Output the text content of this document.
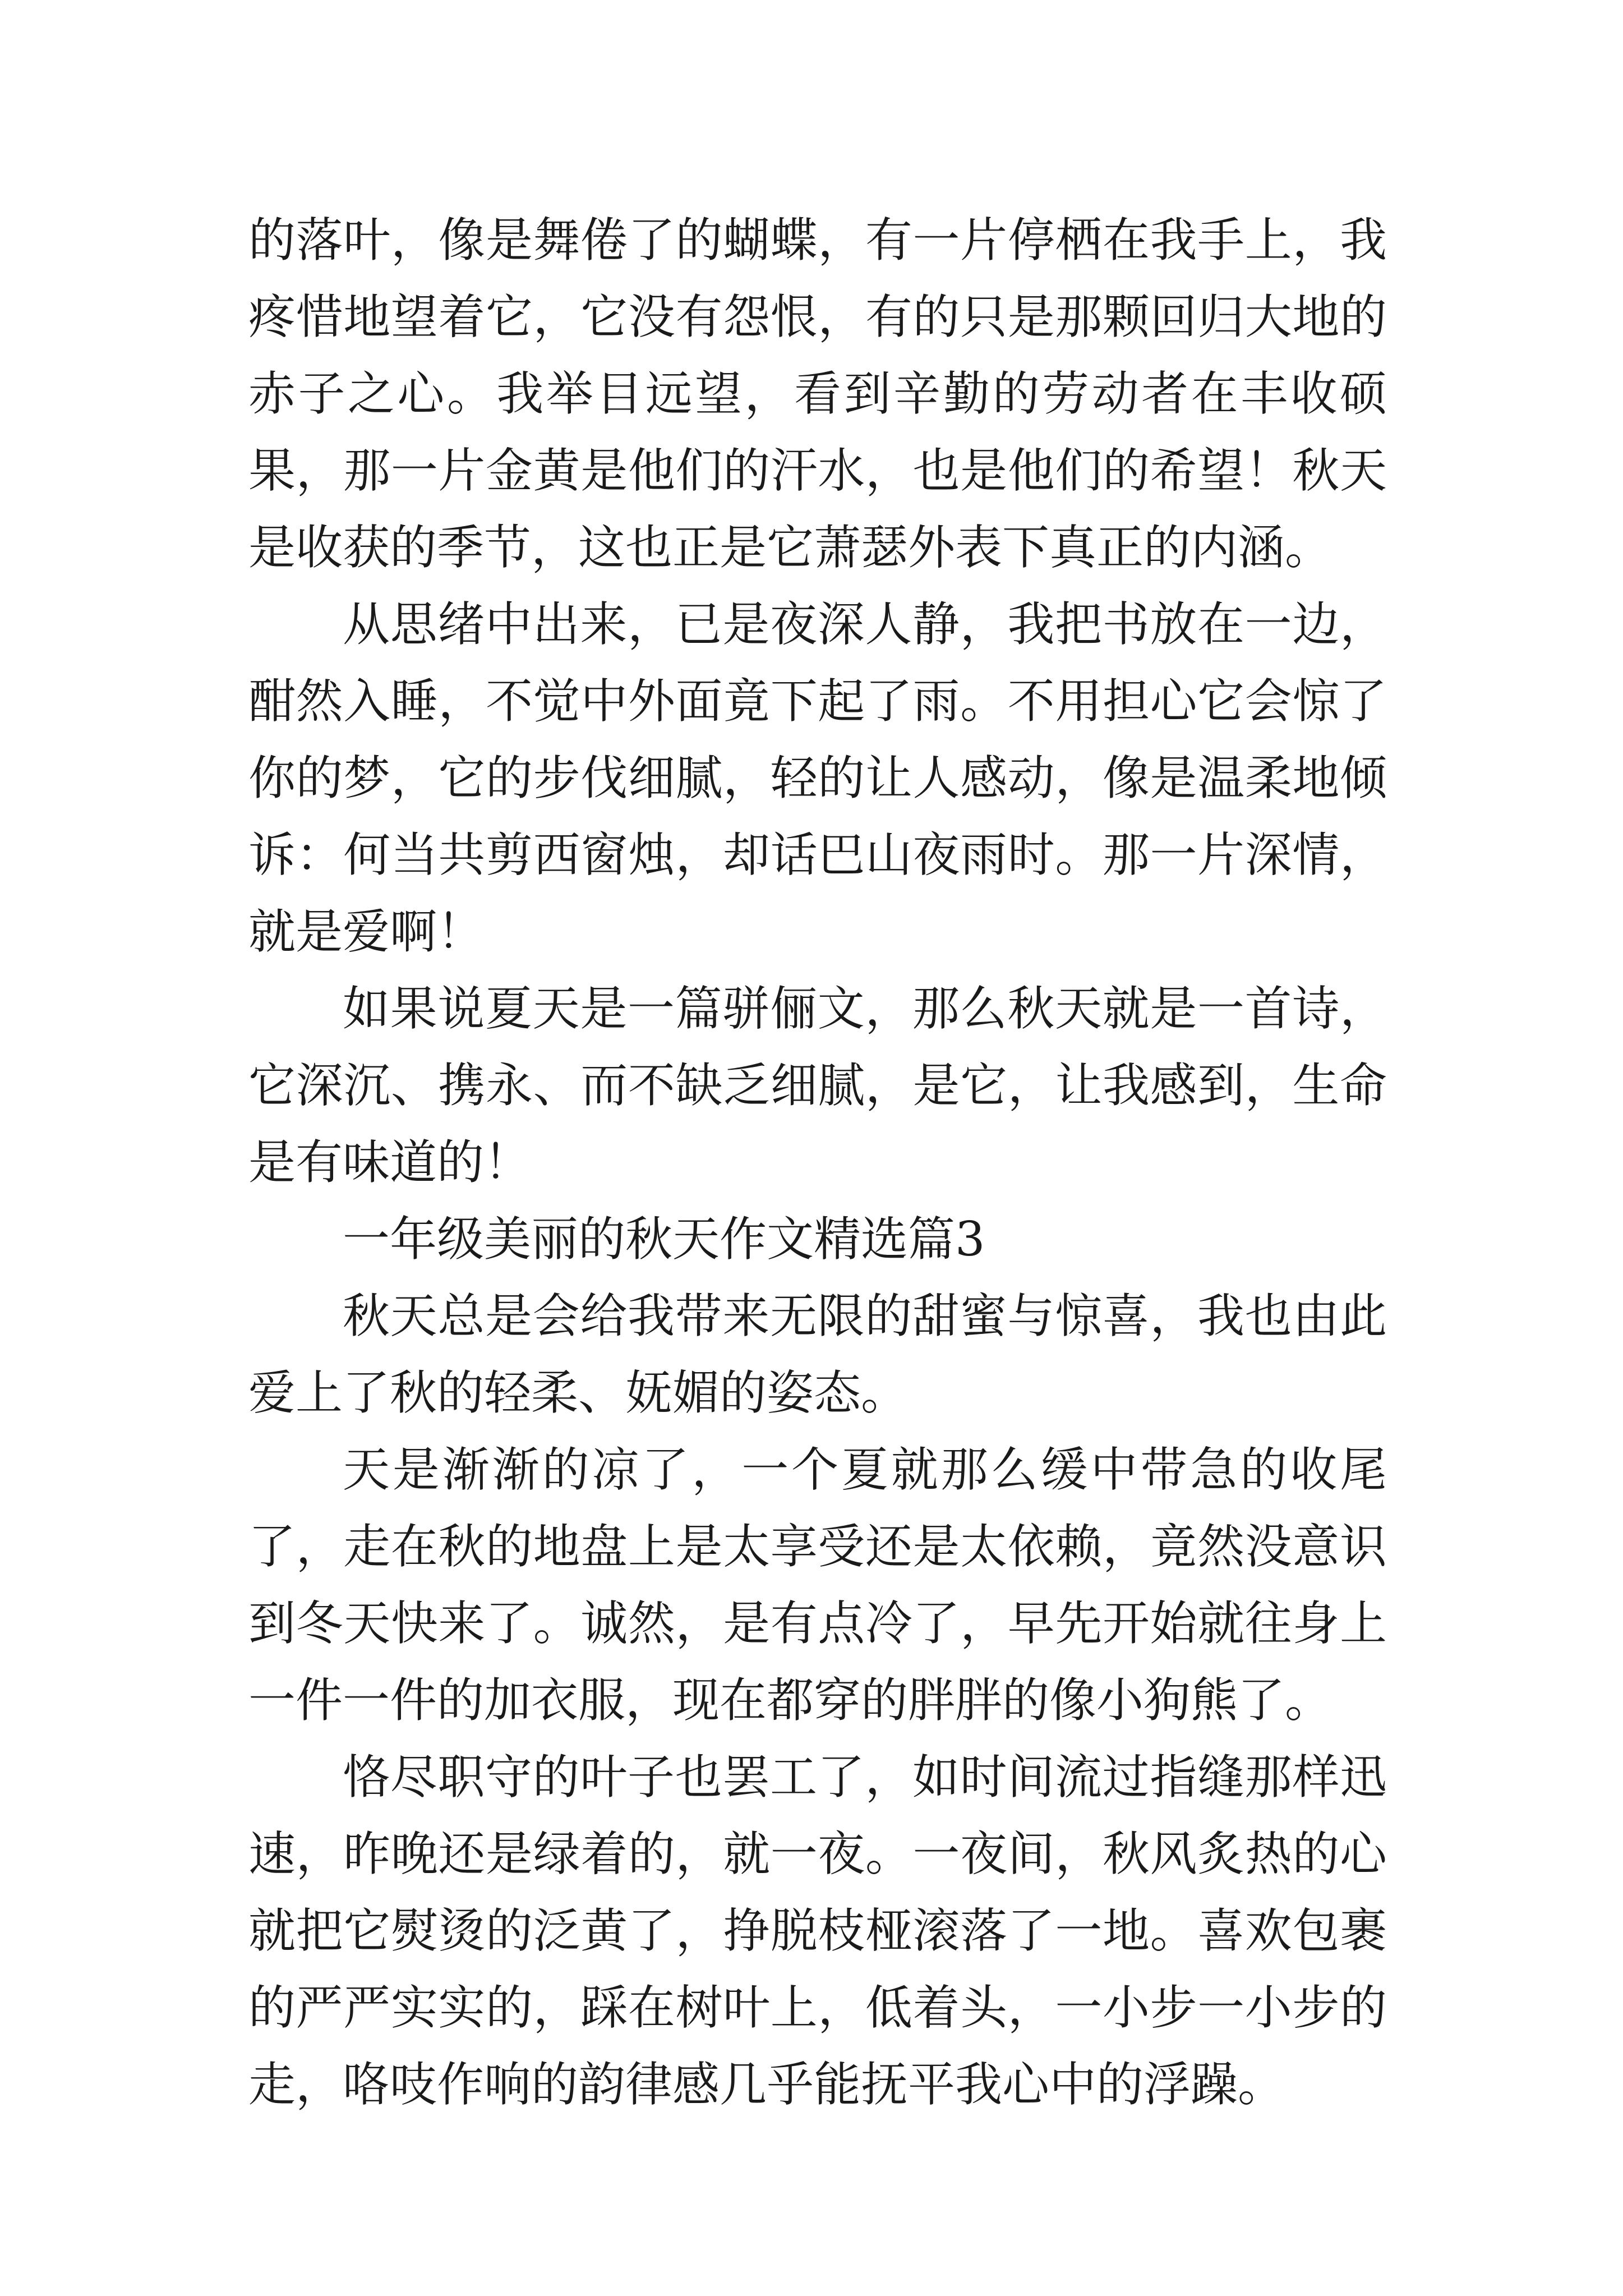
的落叶，像是舞倦了的蝴蝶，有一片停栖在我手上，我疼惜地望着它，它没有怨恨，有的只是那颗回归大地的赤子之心。我举目远望，看到辛勤的劳动者在丰收硕果，那一片金黄是他们的汗水，也是他们的希望！秋天是收获的季节，这也正是它萧瑟外表下真正的内涵。

从思绪中出来，已是夜深人静，我把书放在一边，酣然入睡，不觉中外面竟下起了雨。不用担心它会惊了你的梦，它的步伐细腻，轻的让人感动，像是温柔地倾诉：何当共剪西窗烛，却话巴山夜雨时。那一片深情，就是爱啊！

如果说夏天是一篇骈俪文，那么秋天就是一首诗，它深沉、携永、而不缺乏细腻，是它，让我感到，生命是有味道的！

一年级美丽的秋天作文精选篇3

秋天总是会给我带来无限的甜蜜与惊喜，我也由此爱上了秋的轻柔、妩媚的姿态。

天是渐渐的凉了，一个夏就那么缓中带急的收尾了，走在秋的地盘上是太享受还是太依赖，竟然没意识到冬天快来了。诚然，是有点冷了，早先开始就往身上一件一件的加衣服，现在都穿的胖胖的像小狗熊了。

恪尽职守的叶子也罢工了，如时间流过指缝那样迅速，昨晚还是绿着的，就一夜。一夜间，秋风炙热的心就把它熨烫的泛黄了，挣脱枝桠滚落了一地。喜欢包裹的严严实实的，踩在树叶上，低着头，一小步一小步的走，咯吱作响的韵律感几乎能抚平我心中的浮躁。
